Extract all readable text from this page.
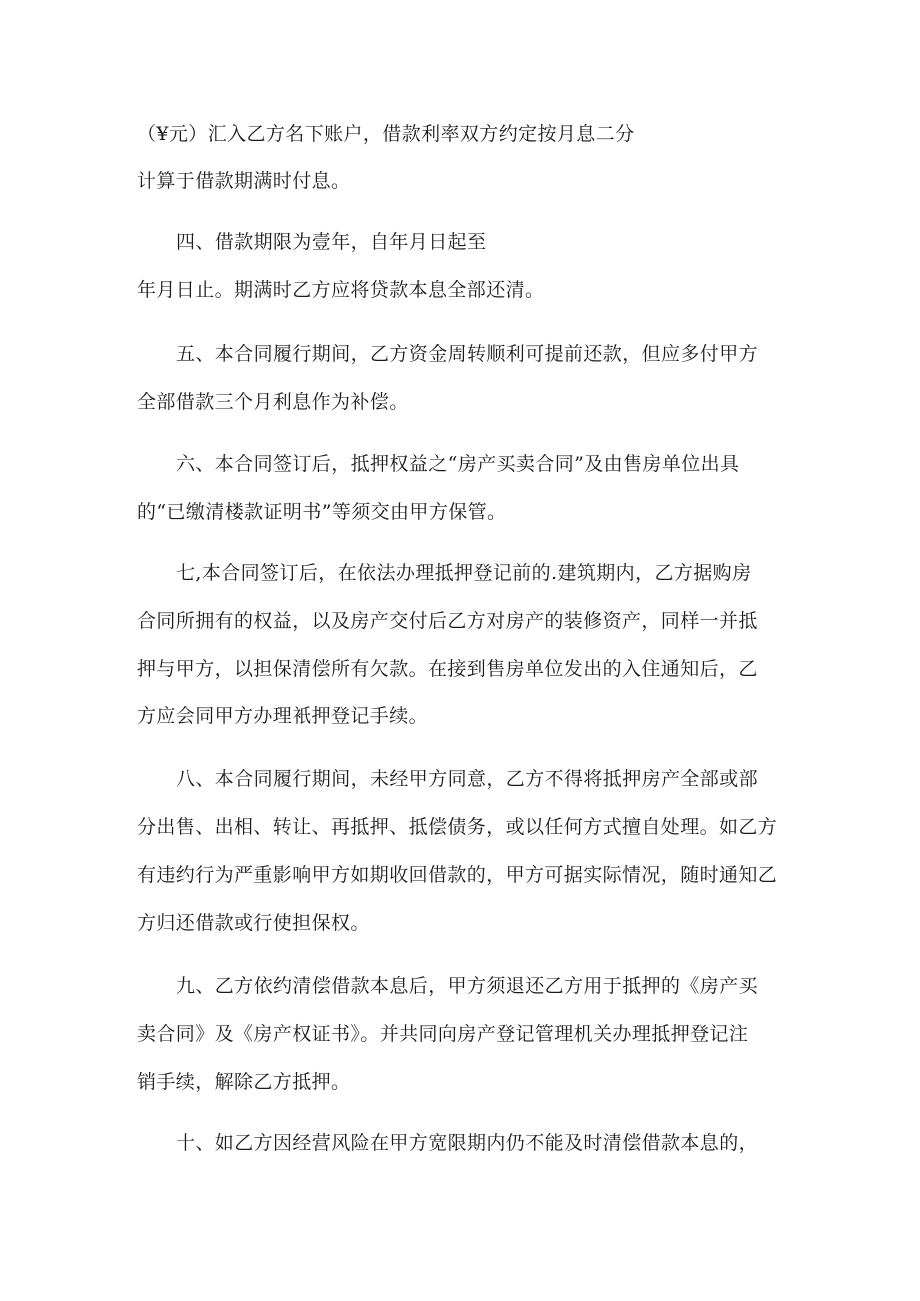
（¥元）汇入乙方名下账户，借款利率双方约定按月息二分
计算于借款期满时付息。
四、借款期限为壹年，自年月日起至
年月日止。期满时乙方应将贷款本息全部还清。
五、本合同履行期间，乙方资金周转顺利可提前还款，但应多付甲方
全部借款三个月利息作为补偿。
六、本合同签订后，抵押权益之“房产买卖合同”及由售房单位出具
的“已缴清楼款证明书”等须交由甲方保管。
七,本合同签订后，在依法办理抵押登记前的.建筑期内，乙方据购房
合同所拥有的权益，以及房产交付后乙方对房产的装修资产，同样一并抵
押与甲方，以担保清偿所有欠款。在接到售房单位发出的入住通知后，乙
方应会同甲方办理衹押登记手续。
八、本合同履行期间，未经甲方同意，乙方不得将抵押房产全部或部
分出售、出相、转让、再抵押、抵偿债务，或以任何方式擅自处理。如乙方
有违约行为严重影响甲方如期收回借款的，甲方可据实际情况，随时通知乙
方归还借款或行使担保权。
九、乙方依约清偿借款本息后，甲方须退还乙方用于抵押的《房产买
卖合同》及《房产权证书》。并共同向房产登记管理机关办理抵押登记注
销手续，解除乙方抵押。
十、如乙方因经营风险在甲方宽限期内仍不能及时清偿借款本息的，
